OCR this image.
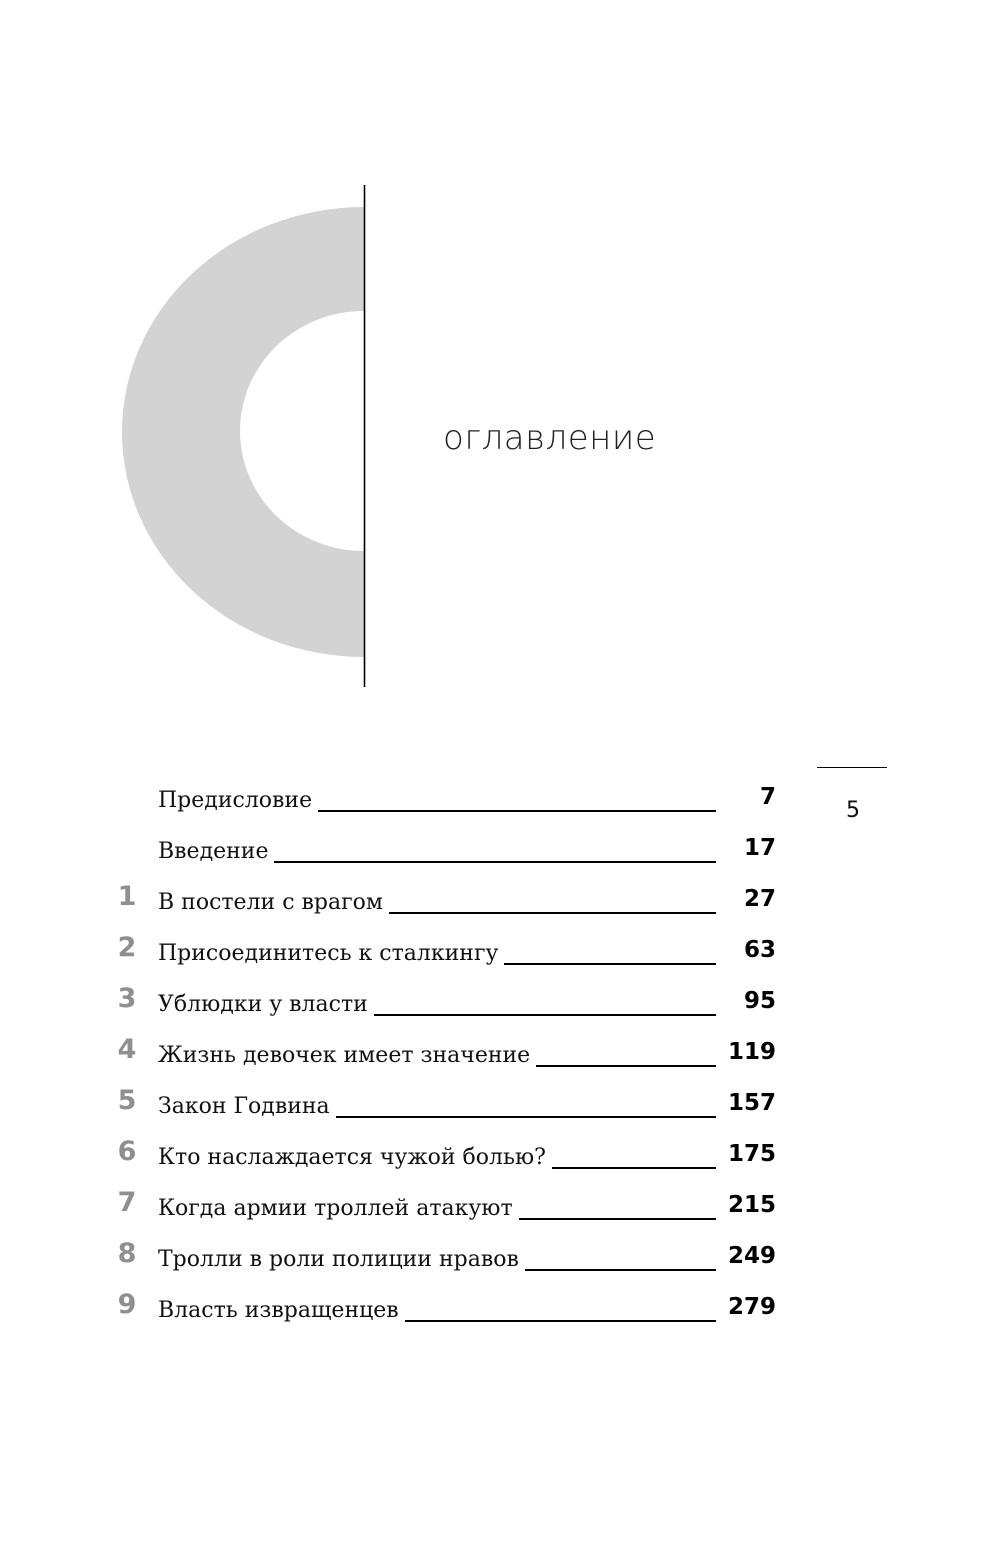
оглавление
Предисловие	7
Введение	17
1 В постели с врагом	27
2 Присоединитесь к сталкингу	63
3 Ублюдки у власти	95
4 Жизнь девочек имеет значение	119
5 Закон Годвина	157
6 Кто наслаждается чужой болью?	175
7 Когда армии троллей атакуют	215
8 Тролли в роли полиции нравов	249
9 Власть извращенцев	279
5
